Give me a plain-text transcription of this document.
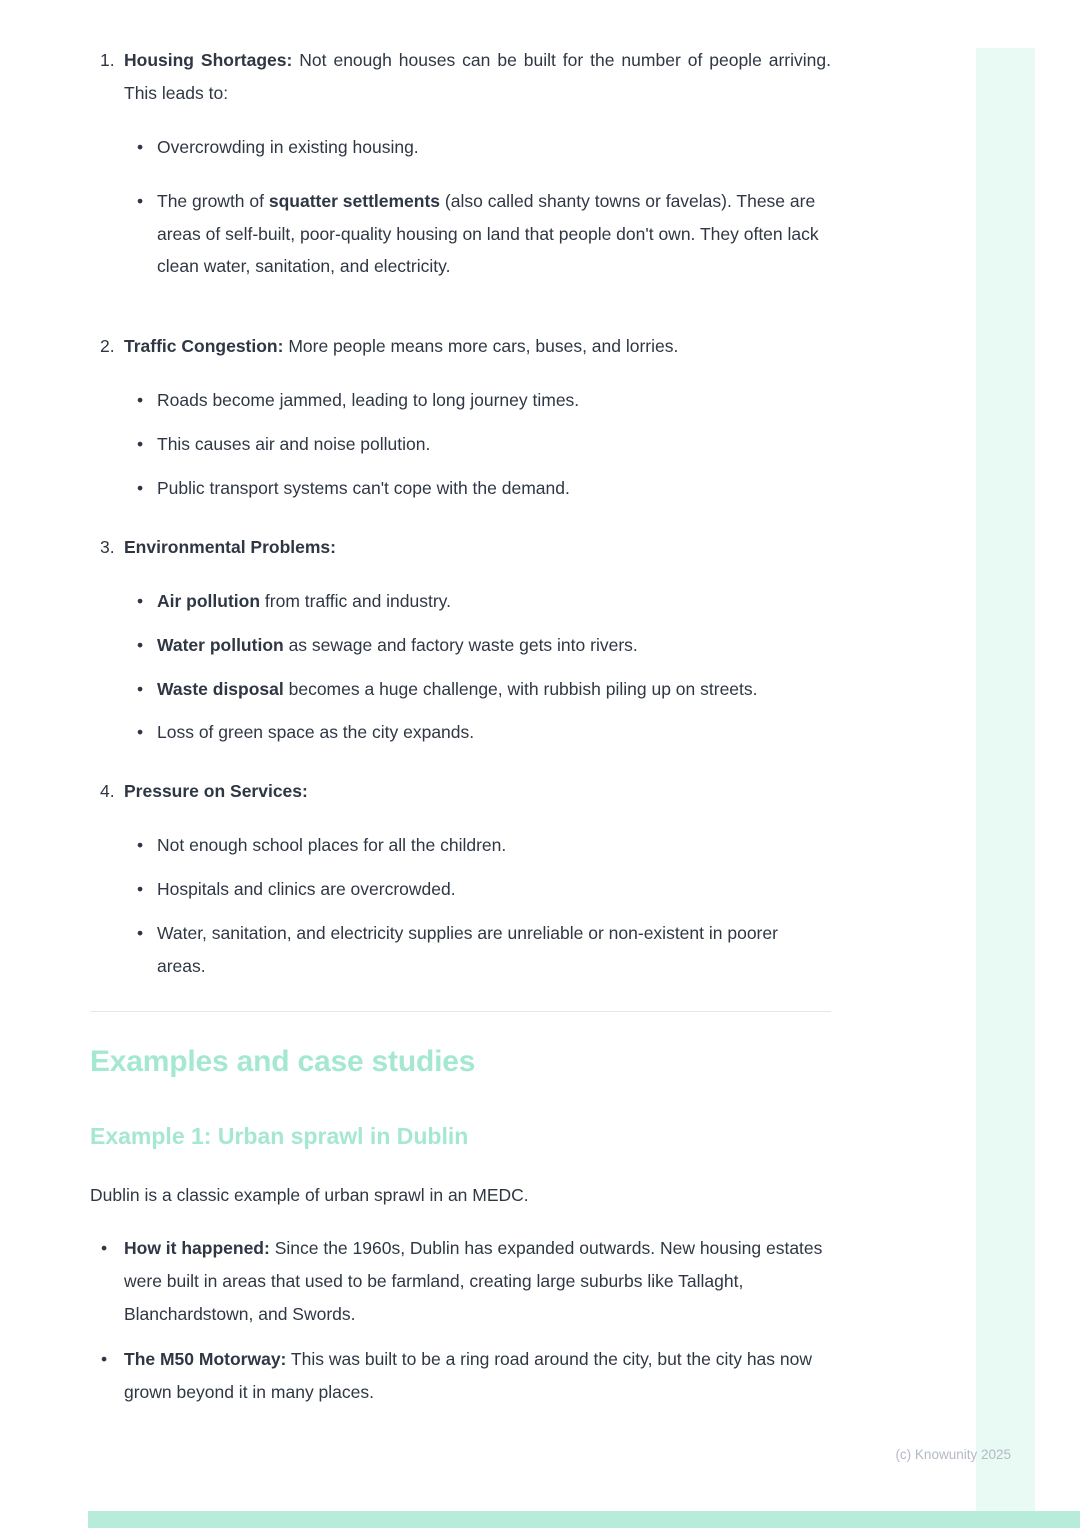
1. Housing Shortages: Not enough houses can be built for the number of people arriving. This leads to:

• Overcrowding in existing housing.
• The growth of squatter settlements (also called shanty towns or favelas). These are areas of self-built, poor-quality housing on land that people don't own. They often lack clean water, sanitation, and electricity.
2. Traffic Congestion: More people means more cars, buses, and lorries.

• Roads become jammed, leading to long journey times.
• This causes air and noise pollution.
• Public transport systems can't cope with the demand.
3. Environmental Problems:

• Air pollution from traffic and industry.
• Water pollution as sewage and factory waste gets into rivers.
• Waste disposal becomes a huge challenge, with rubbish piling up on streets.
• Loss of green space as the city expands.
4. Pressure on Services:

• Not enough school places for all the children.
• Hospitals and clinics are overcrowded.
• Water, sanitation, and electricity supplies are unreliable or non-existent in poorer areas.
Examples and case studies
Example 1: Urban sprawl in Dublin

Dublin is a classic example of urban sprawl in an MEDC.

• How it happened: Since the 1960s, Dublin has expanded outwards. New housing estates were built in areas that used to be farmland, creating large suburbs like Tallaght, Blanchardstown, and Swords.
• The M50 Motorway: This was built to be a ring road around the city, but the city has now grown beyond it in many places.
(c) Knowunity 2025
